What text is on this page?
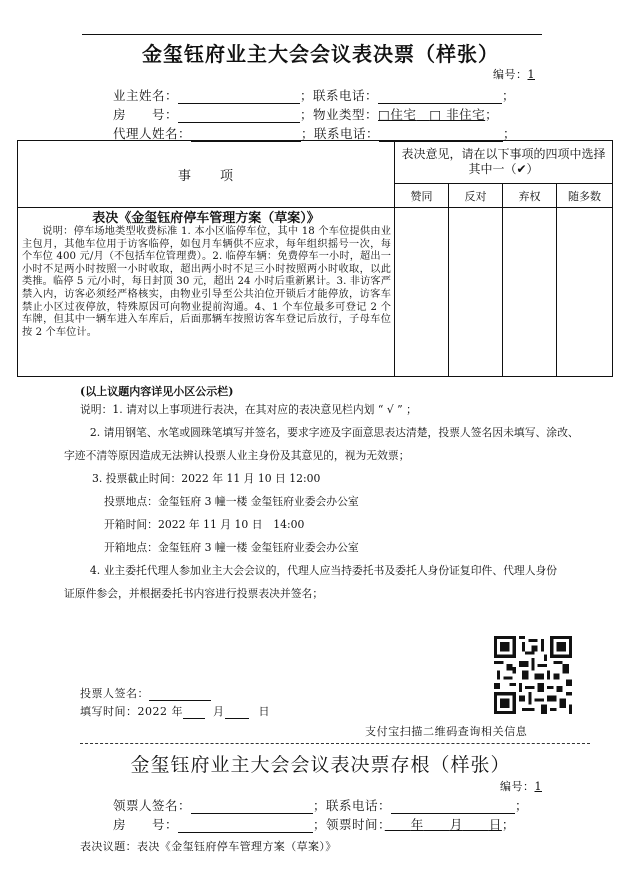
金玺钰府业主大会会议表决票（样张）
编号：1
业主姓名：	；联系电话：	；
房　　号：	；物业类型：□住宅　 □ 非住宅；
代理人姓名：	；联系电话：	；
事　　项	表决意见，请在以下事项的四项中选择其中一（✔）			
	赞同	反对	弃权	随多数

表决《金玺钰府停车管理方案（草案）》
说明：停车场地类型收费标准 1. 本小区临停车位，其中 18 个车位提供由业主包月，其他车位用于访客临停，如包月车辆供不应求，每年组织摇号一次，每个车位 400 元/月（不包括车位管理费）。2. 临停车辆：免费停车一小时，超出一小时不足两小时按照一小时收取，超出两小时不足三小时按照两小时收取，以此类推。临停 5 元/小时，每日封顶 30 元，超出 24 小时后重新累计。3. 非访客严禁入内，访客必须经严格核实，由物业引导至公共泊位开锁后才能停放，访客车禁止小区过夜停放，特殊原因可向物业提前沟通。4、1 个车位最多可登记 2 个车牌，但其中一辆车进入车库后，后面那辆车按照访客车登记后放行，子母车位按 2 个车位计。				

(以上议题内容详见小区公示栏)
说明：1. 请对以上事项进行表决，在其对应的表决意见栏内划 “ √ ” ；
2. 请用钢笔、水笔或圆珠笔填写并签名，要求字迹及字面意思表达清楚，投票人签名因未填写、涂改、字迹不清等原因造成无法辨认投票人业主身份及其意见的，视为无效票；
3. 投票截止时间：2022 年 11 月 10 日 12:00
投票地点：金玺钰府 3 幢一楼 金玺钰府业委会办公室
开箱时间：2022 年 11 月 10 日　14:00
开箱地点：金玺钰府 3 幢一楼 金玺钰府业委会办公室
4. 业主委托代理人参加业主大会会议的，代理人应当持委托书及委托人身份证复印件、代理人身份证原件参会，并根据委托书内容进行投票表决并签名；
投票人签名：
填写时间：2022 年	月	日
支付宝扫描二维码查询相关信息
金玺钰府业主大会会议表决票存根（样张）
编号：1
领票人签名：	；联系电话：	；
房　　号：	；领票时间：　　 年　　 月　　 日；
表决议题：表决《金玺钰府停车管理方案（草案）》
